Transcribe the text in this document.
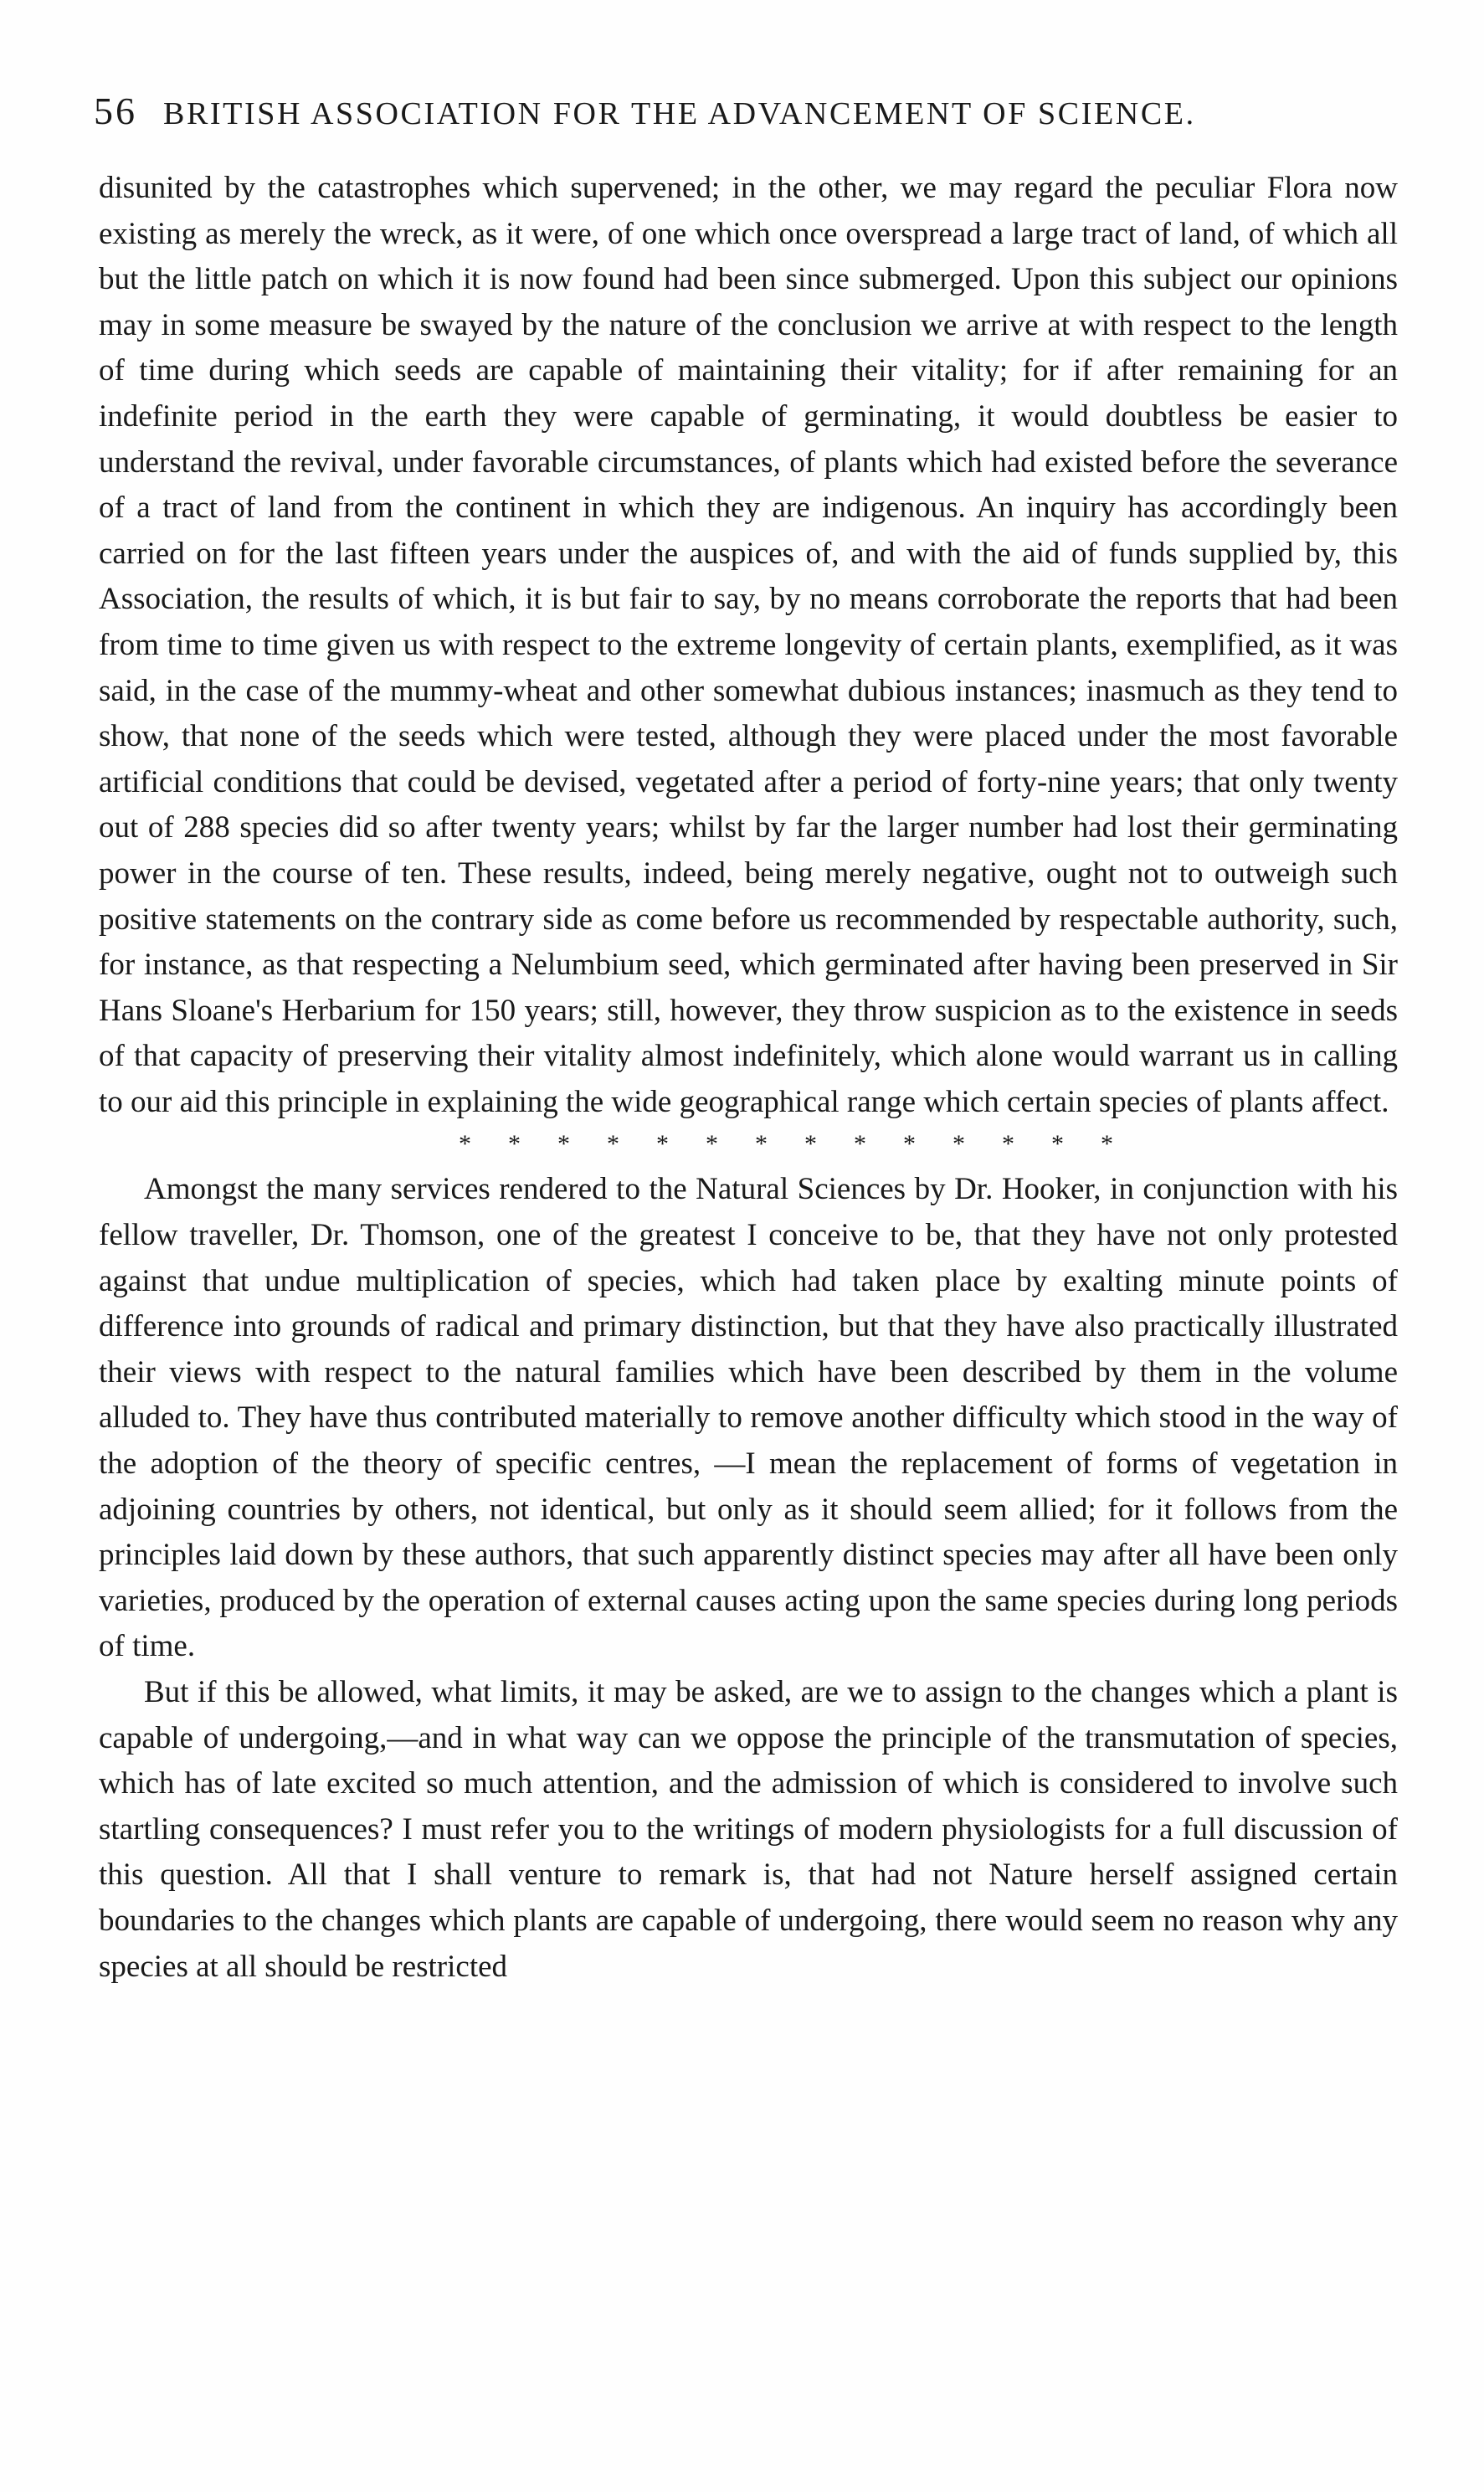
56 BRITISH ASSOCIATION FOR THE ADVANCEMENT OF SCIENCE.

disunited by the catastrophes which supervened; in the other, we may regard the peculiar Flora now existing as merely the wreck, as it were, of one which once overspread a large tract of land, of which all but the little patch on which it is now found had been since submerged. Upon this subject our opinions may in some measure be swayed by the nature of the conclusion we arrive at with respect to the length of time during which seeds are capable of maintaining their vitality; for if after remaining for an indefinite period in the earth they were capable of germinating, it would doubtless be easier to understand the revival, under favorable circumstances, of plants which had existed before the severance of a tract of land from the continent in which they are indigenous. An inquiry has accordingly been carried on for the last fifteen years under the auspices of, and with the aid of funds supplied by, this Association, the results of which, it is but fair to say, by no means corroborate the reports that had been from time to time given us with respect to the extreme longevity of certain plants, exemplified, as it was said, in the case of the mummy-wheat and other somewhat dubious instances; inasmuch as they tend to show, that none of the seeds which were tested, although they were placed under the most favorable artificial conditions that could be devised, vegetated after a period of forty-nine years; that only twenty out of 288 species did so after twenty years; whilst by far the larger number had lost their germinating power in the course of ten. These results, indeed, being merely negative, ought not to outweigh such positive statements on the contrary side as come before us recommended by respectable authority, such, for instance, as that respecting a Nelumbium seed, which germinated after having been preserved in Sir Hans Sloane's Herbarium for 150 years; still, however, they throw suspicion as to the existence in seeds of that capacity of preserving their vitality almost indefinitely, which alone would warrant us in calling to our aid this principle in explaining the wide geographical range which certain species of plants affect.

* * * * * * * * * * * * * *

Amongst the many services rendered to the Natural Sciences by Dr. Hooker, in conjunction with his fellow traveller, Dr. Thomson, one of the greatest I conceive to be, that they have not only protested against that undue multiplication of species, which had taken place by exalting minute points of difference into grounds of radical and primary distinction, but that they have also practically illustrated their views with respect to the natural families which have been described by them in the volume alluded to. They have thus contributed materially to remove another difficulty which stood in the way of the adoption of the theory of specific centres, —I mean the replacement of forms of vegetation in adjoining countries by others, not identical, but only as it should seem allied; for it follows from the principles laid down by these authors, that such apparently distinct species may after all have been only varieties, produced by the operation of external causes acting upon the same species during long periods of time.

But if this be allowed, what limits, it may be asked, are we to assign to the changes which a plant is capable of undergoing,—and in what way can we oppose the principle of the transmutation of species, which has of late excited so much attention, and the admission of which is considered to involve such startling consequences? I must refer you to the writings of modern physiologists for a full discussion of this question. All that I shall venture to remark is, that had not Nature herself assigned certain boundaries to the changes which plants are capable of undergoing, there would seem no reason why any species at all should be restricted
